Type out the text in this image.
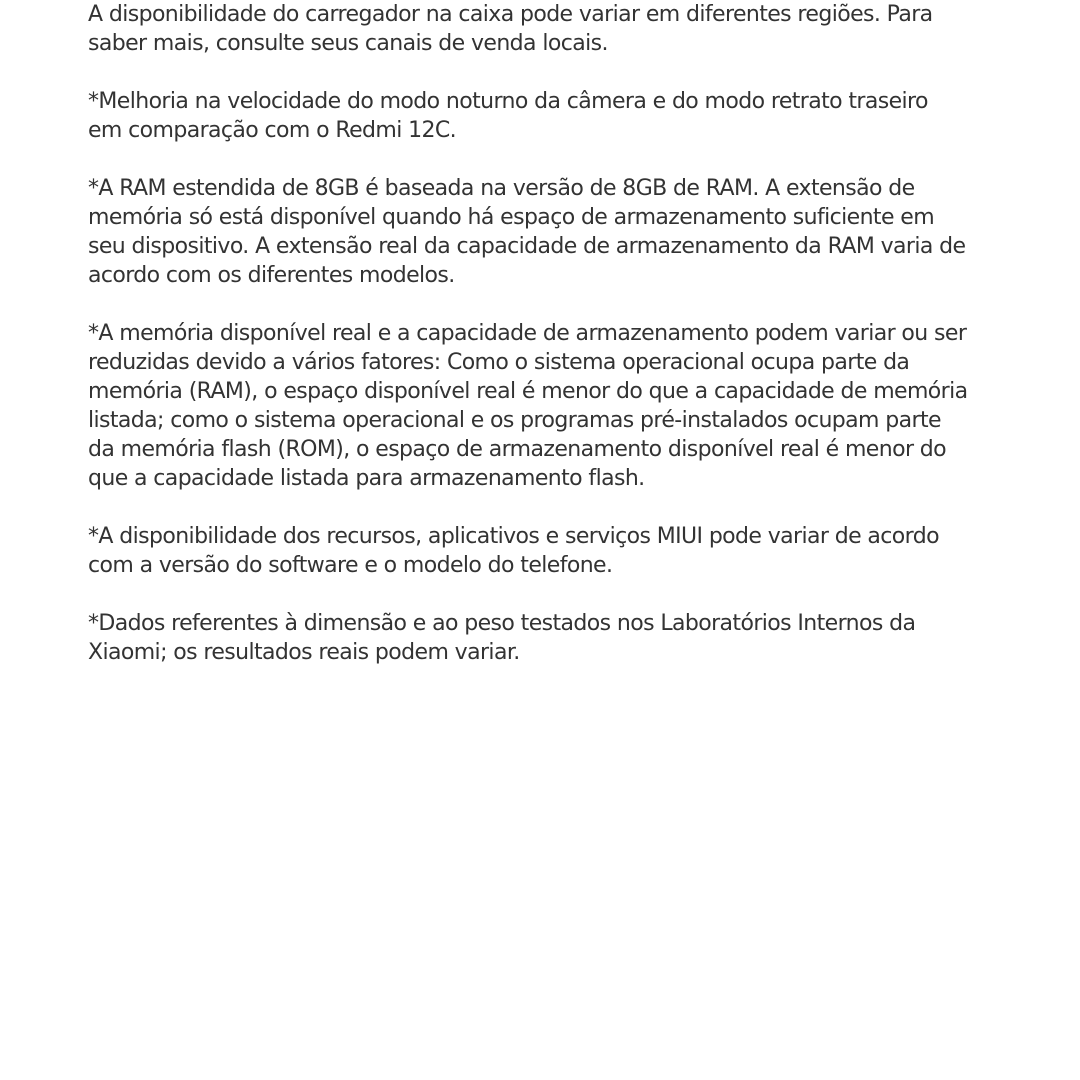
A disponibilidade do carregador na caixa pode variar em diferentes regiões. Para
saber mais, consulte seus canais de venda locais.

*Melhoria na velocidade do modo noturno da câmera e do modo retrato traseiro
em comparação com o Redmi 12C.

*A RAM estendida de 8GB é baseada na versão de 8GB de RAM. A extensão de
memória só está disponível quando há espaço de armazenamento suficiente em
seu dispositivo. A extensão real da capacidade de armazenamento da RAM varia de
acordo com os diferentes modelos.

*A memória disponível real e a capacidade de armazenamento podem variar ou ser
reduzidas devido a vários fatores: Como o sistema operacional ocupa parte da
memória (RAM), o espaço disponível real é menor do que a capacidade de memória
listada; como o sistema operacional e os programas pré-instalados ocupam parte
da memória flash (ROM), o espaço de armazenamento disponível real é menor do
que a capacidade listada para armazenamento flash.

*A disponibilidade dos recursos, aplicativos e serviços MIUI pode variar de acordo
com a versão do software e o modelo do telefone.

*Dados referentes à dimensão e ao peso testados nos Laboratórios Internos da
Xiaomi; os resultados reais podem variar.
